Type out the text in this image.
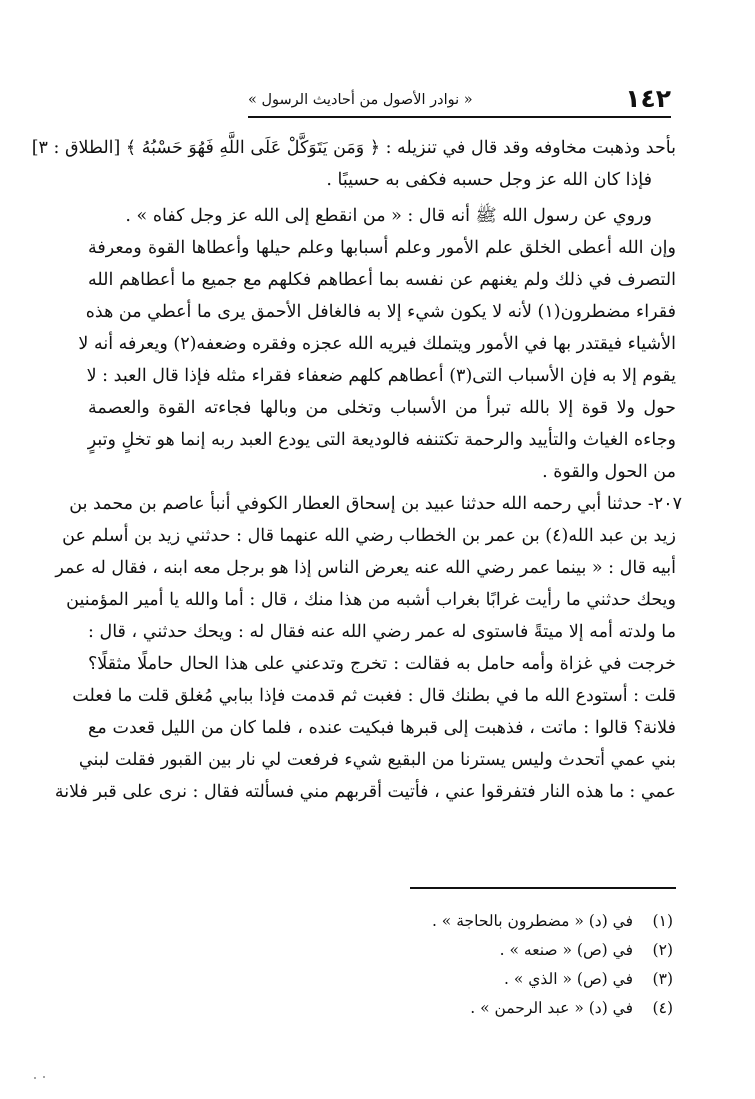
١٤٢
« نوادر الأصول من أحاديث الرسول »
بأحد وذهبت مخاوفه وقد قال في تنزيله : ﴿ وَمَن يَتَوَكَّلْ عَلَى اللَّهِ فَهُوَ حَسْبُهُ ﴾ [الطلاق : ٣]
فإذا كان الله عز وجل حسبه فكفى به حسيبًا .
وروي عن رسول الله ﷺ أنه قال : « من انقطع إلى الله عز وجل كفاه » .
وإن الله أعطى الخلق علم الأمور وعلم أسبابها وعلم حيلها وأعطاها القوة ومعرفة
التصرف في ذلك ولم يغنهم عن نفسه بما أعطاهم فكلهم مع جميع ما أعطاهم الله
فقراء مضطرون(١) لأنه لا يكون شيء إلا به فالغافل الأحمق يرى ما أعطي من هذه
الأشياء فيقتدر بها في الأمور ويتملك فيريه الله عجزه وفقره وضعفه(٢) ويعرفه أنه لا
يقوم إلا به فإن الأسباب التى(٣) أعطاهم كلهم ضعفاء فقراء مثله فإذا قال العبد : لا
حول ولا قوة إلا بالله تبرأ من الأسباب وتخلى من وبالها فجاءته القوة والعصمة
وجاءه الغياث والتأييد والرحمة تكتنفه فالوديعة التى يودع العبد ربه إنما هو تخلٍ وتبرٍ
من الحول والقوة .
٢٠٧- حدثنا أبي رحمه الله حدثنا عبيد بن إسحاق العطار الكوفي أنبأ عاصم بن محمد بن
زيد بن عبد الله(٤) بن عمر بن الخطاب رضي الله عنهما قال : حدثني زيد بن أسلم عن
أبيه قال : « بينما عمر رضي الله عنه يعرض الناس إذا هو برجل معه ابنه ، فقال له عمر
ويحك حدثني ما رأيت غرابًا بغراب أشبه من هذا منك ، قال : أما والله يا أمير المؤمنين
ما ولدته أمه إلا ميتةً فاستوى له عمر رضي الله عنه فقال له : ويحك حدثني ، قال :
خرجت في غزاة وأمه حامل به فقالت : تخرج وتدعني على هذا الحال حاملًا مثقلًا؟
قلت : أستودع الله ما في بطنك قال : فغبت ثم قدمت فإذا ببابي مُغلق قلت ما فعلت
فلانة؟ قالوا : ماتت ، فذهبت إلى قبرها فبكيت عنده ، فلما كان من الليل قعدت مع
بني عمي أتحدث وليس يسترنا من البقيع شيء فرفعت لي نار بين القبور فقلت لبني
عمي : ما هذه النار فتفرقوا عني ، فأتيت أقربهم مني فسألته فقال : نرى على قبر فلانة
(١)في (د) « مضطرون بالحاجة » .
(٢)في (ص) « صنعه » .
(٣)في (ص) « الذي » .
(٤)في (د) « عبد الرحمن » .
